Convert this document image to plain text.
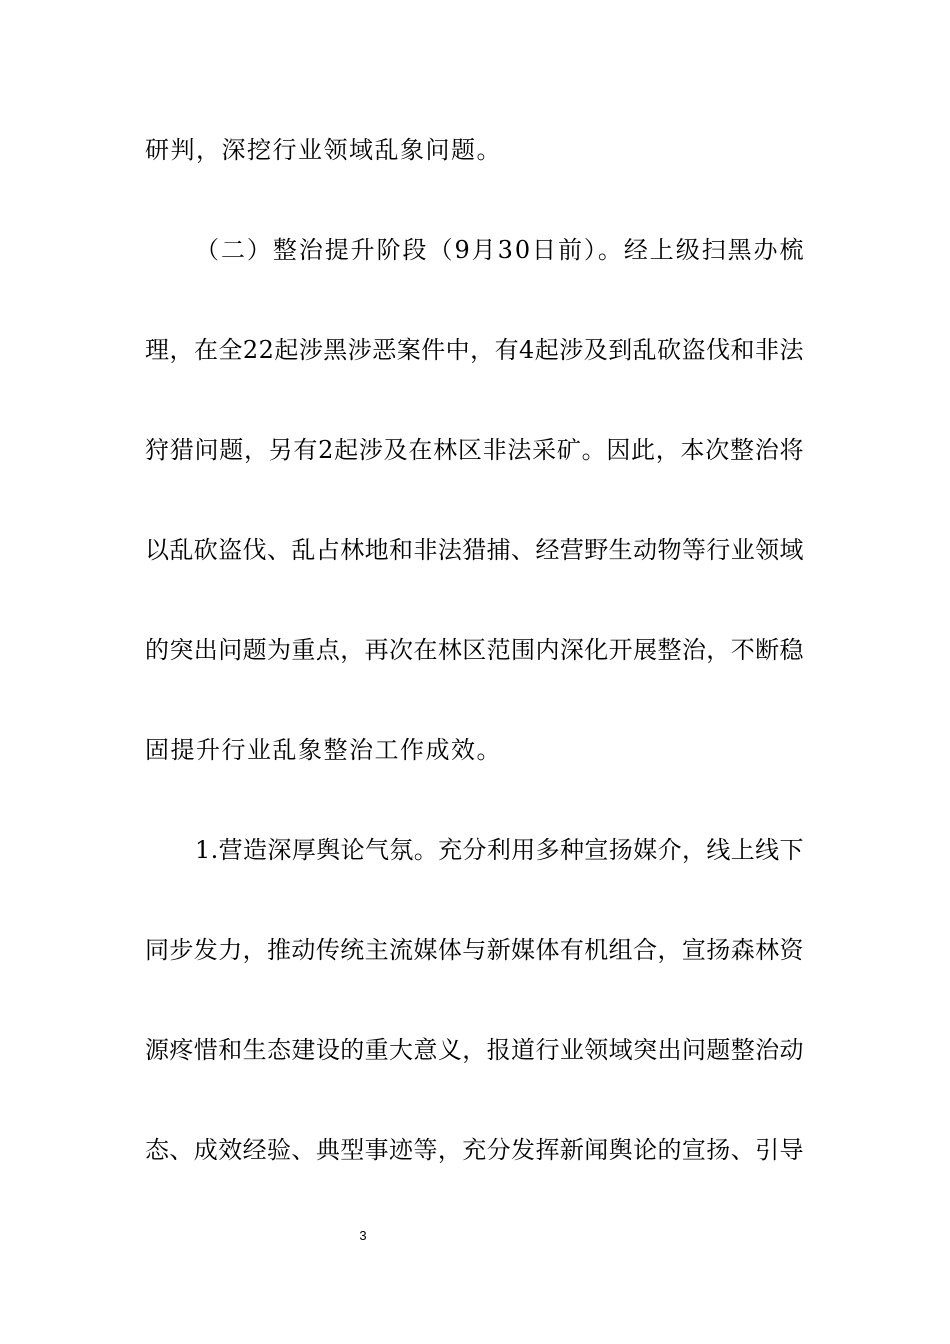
研判，深挖行业领域乱象问题。
（二）整治提升阶段（9月30日前）。经上级扫黑办梳
理，在全22起涉黑涉恶案件中，有4起涉及到乱砍盗伐和非法
狩猎问题，另有2起涉及在林区非法采矿。因此，本次整治将
以乱砍盗伐、乱占林地和非法猎捕、经营野生动物等行业领域
的突出问题为重点，再次在林区范围内深化开展整治，不断稳
固提升行业乱象整治工作成效。
1.营造深厚舆论气氛。充分利用多种宣扬媒介，线上线下
同步发力，推动传统主流媒体与新媒体有机组合，宣扬森林资
源疼惜和生态建设的重大意义，报道行业领域突出问题整治动
态、成效经验、典型事迹等，充分发挥新闻舆论的宣扬、引导
3
